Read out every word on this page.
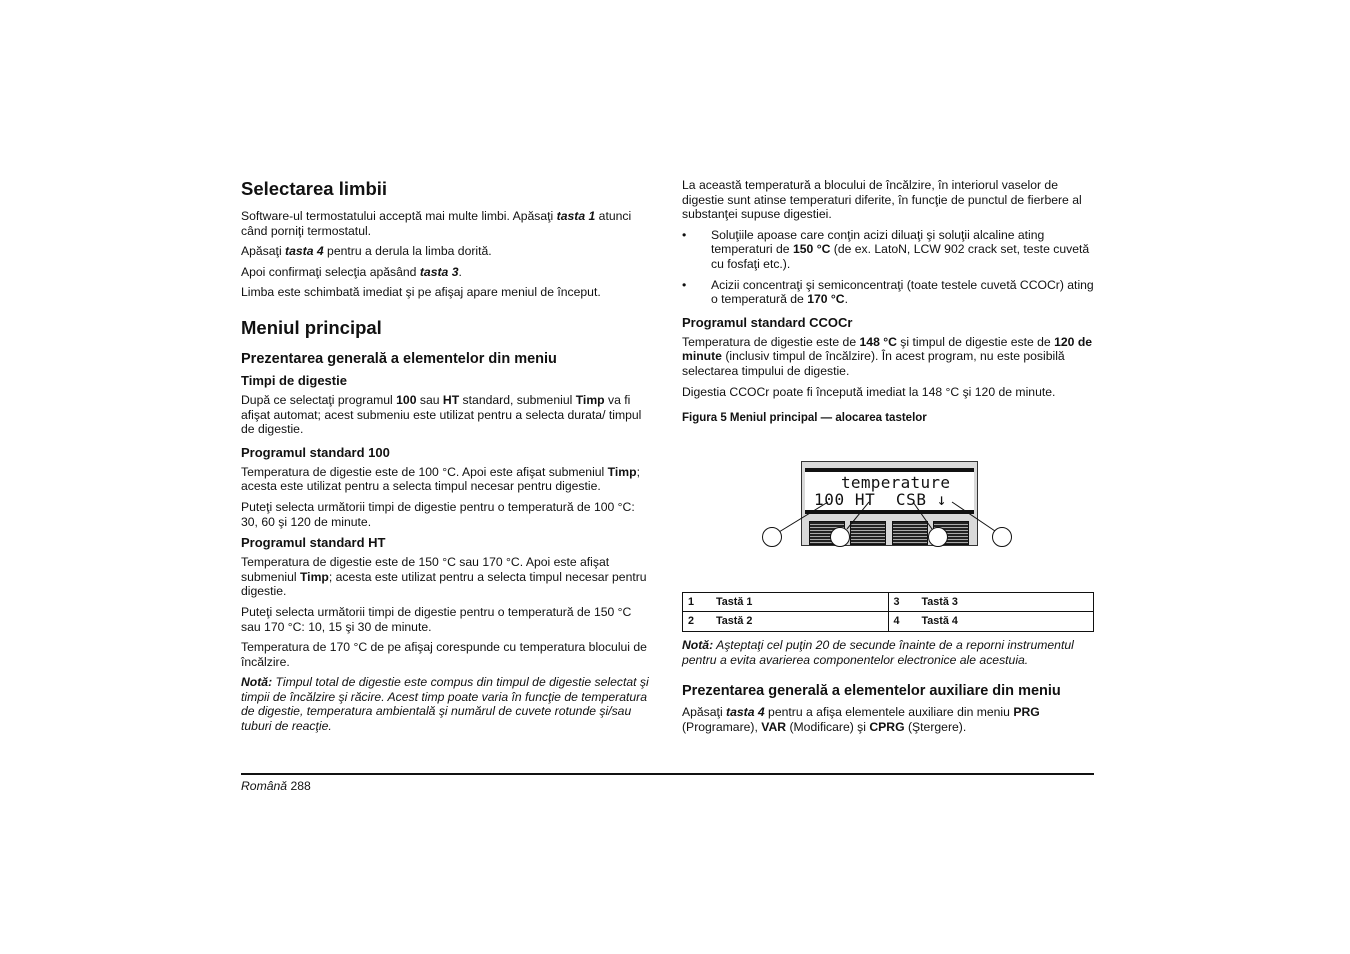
Selectarea limbii

Software-ul termostatului acceptă mai multe limbi. Apăsaţi tasta 1 atunci când porniţi termostatul.

Apăsaţi tasta 4 pentru a derula la limba dorită.

Apoi confirmaţi selecţia apăsând tasta 3.

Limba este schimbată imediat şi pe afişaj apare meniul de început.

Meniul principal
Prezentarea generală a elementelor din meniu
Timpi de digestie

După ce selectaţi programul 100 sau HT standard, submeniul Timp va fi afişat automat; acest submeniu este utilizat pentru a selecta durata/ timpul de digestie.

Programul standard 100

Temperatura de digestie este de 100 °C. Apoi este afişat submeniul Timp; acesta este utilizat pentru a selecta timpul necesar pentru digestie.

Puteţi selecta următorii timpi de digestie pentru o temperatură de 100 °C: 30, 60 şi 120 de minute.

Programul standard HT

Temperatura de digestie este de 150 °C sau 170 °C. Apoi este afişat submeniul Timp; acesta este utilizat pentru a selecta timpul necesar pentru digestie.

Puteţi selecta următorii timpi de digestie pentru o temperatură de 150 °C sau 170 °C: 10, 15 şi 30 de minute.

Temperatura de 170 °C de pe afişaj corespunde cu temperatura blocului de încălzire.

Notă: Timpul total de digestie este compus din timpul de digestie selectat şi timpii de încălzire şi răcire. Acest timp poate varia în funcţie de temperatura de digestie, temperatura ambientală şi numărul de cuvete rotunde şi/sau tuburi de reacţie.

La această temperatură a blocului de încălzire, în interiorul vaselor de digestie sunt atinse temperaturi diferite, în funcţie de punctul de fierbere al substanţei supuse digestiei.

• Soluţiile apoase care conţin acizi diluaţi şi soluţii alcaline ating temperaturi de 150 °C (de ex. LatoN, LCW 902 crack set, teste cuvetă cu fosfaţi etc.).
• Acizii concentraţi şi semiconcentraţi (toate testele cuvetă CCOCr) ating o temperatură de 170 °C.
Programul standard CCOCr

Temperatura de digestie este de 148 °C şi timpul de digestie este de 120 de minute (inclusiv timpul de încălzire). În acest program, nu este posibilă selectarea timpului de digestie.

Digestia CCOCr poate fi începută imediat la 148 °C şi 120 de minute.

Figura 5 Meniul principal — alocarea tastelor

temperature
100 HT  CSB ↓
1	Tastă 1	3	Tastă 3
2	Tastă 2	4	Tastă 4

Notă: Aşteptaţi cel puţin 20 de secunde înainte de a reporni instrumentul pentru a evita avarierea componentelor electronice ale acestuia.

Prezentarea generală a elementelor auxiliare din meniu

Apăsaţi tasta 4 pentru a afişa elementele auxiliare din meniu PRG (Programare), VAR (Modificare) şi CPRG (Ştergere).

Română 288
